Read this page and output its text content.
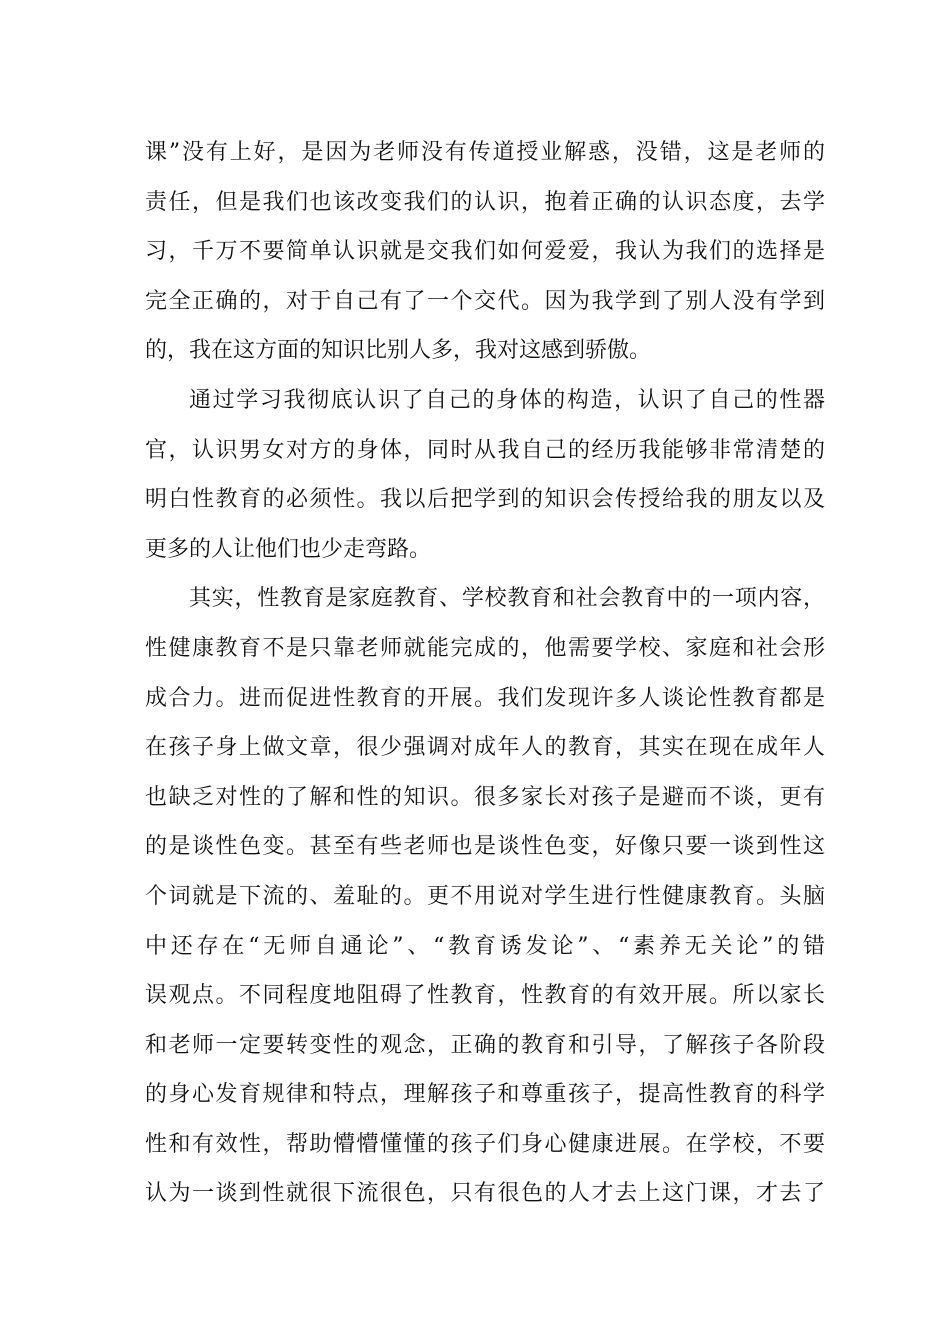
课”没有上好，是因为老师没有传道授业解惑，没错，这是老师的
责任，但是我们也该改变我们的认识，抱着正确的认识态度，去学
习，千万不要简单认识就是交我们如何爱爱，我认为我们的选择是
完全正确的，对于自己有了一个交代。因为我学到了别人没有学到
的，我在这方面的知识比别人多，我对这感到骄傲。
通过学习我彻底认识了自己的身体的构造，认识了自己的性器
官，认识男女对方的身体，同时从我自己的经历我能够非常清楚的
明白性教育的必须性。我以后把学到的知识会传授给我的朋友以及
更多的人让他们也少走弯路。
其实，性教育是家庭教育、学校教育和社会教育中的一项内容，
性健康教育不是只靠老师就能完成的，他需要学校、家庭和社会形
成合力。进而促进性教育的开展。我们发现许多人谈论性教育都是
在孩子身上做文章，很少强调对成年人的教育，其实在现在成年人
也缺乏对性的了解和性的知识。很多家长对孩子是避而不谈，更有
的是谈性色变。甚至有些老师也是谈性色变，好像只要一谈到性这
个词就是下流的、羞耻的。更不用说对学生进行性健康教育。头脑
中还存在“无师自通论”、“教育诱发论”、“素养无关论”的错
误观点。不同程度地阻碍了性教育，性教育的有效开展。所以家长
和老师一定要转变性的观念，正确的教育和引导，了解孩子各阶段
的身心发育规律和特点，理解孩子和尊重孩子，提高性教育的科学
性和有效性，帮助懵懵懂懂的孩子们身心健康进展。在学校，不要
认为一谈到性就很下流很色，只有很色的人才去上这门课，才去了
